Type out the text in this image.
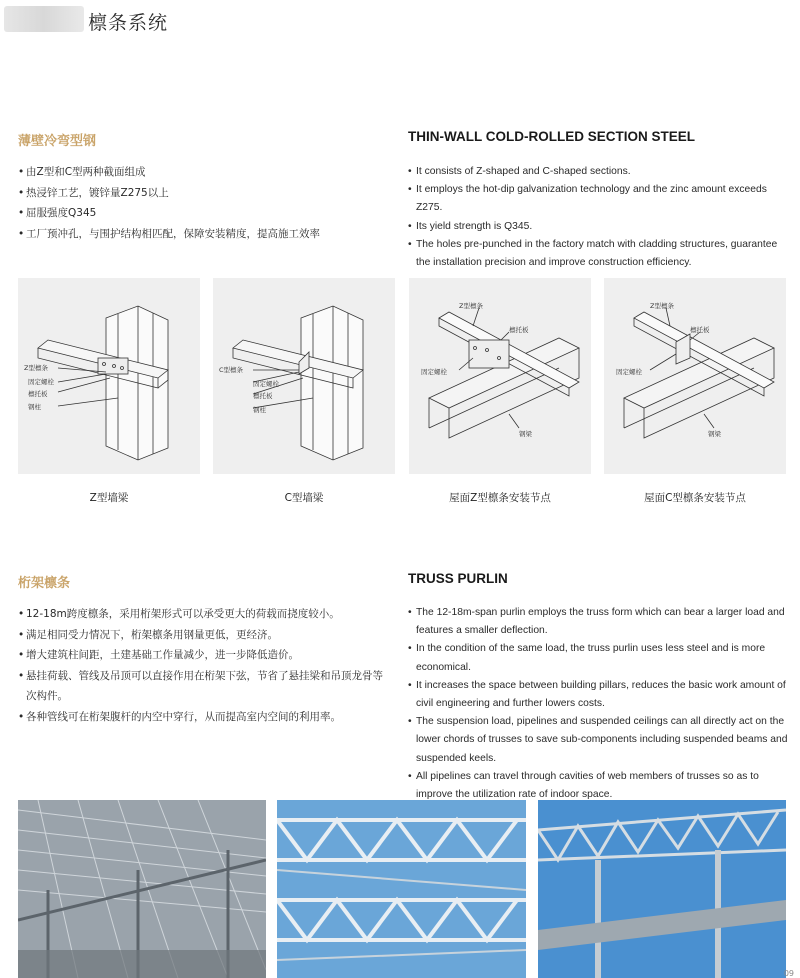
檩条系统
薄壁冷弯型钢	THIN-WALL COLD-ROLLED SECTION STEEL
• 由Z型和C型两种截面组成
• 热浸锌工艺，镀锌量Z275以上
• 屈服强度Q345
• 工厂预冲孔，与围护结构相匹配，保障安装精度，提高施工效率
• It consists of Z-shaped and C-shaped sections.
• It employs the hot-dip galvanization technology and the zinc amount exceeds Z275.
• Its yield strength is Q345.
• The holes pre-punched in the factory match with cladding structures, guarantee the installation precision and improve construction efficiency.
Z型檩条
固定螺栓
檩托板
钢柱
Z型墙梁
C型檩条
固定螺栓
檩托板
钢柱
C型墙梁
Z型檩条
檩托板
固定螺栓
钢梁
屋面Z型檩条安装节点
Z型檩条
檩托板
固定螺栓
钢梁
屋面C型檩条安装节点
桁架檩条	TRUSS PURLIN
• 12-18m跨度檩条，采用桁架形式可以承受更大的荷载而挠度较小。
• 满足相同受力情况下，桁架檩条用钢量更低，更经济。
• 增大建筑柱间距，土建基础工作量减少，进一步降低造价。
• 悬挂荷载、管线及吊顶可以直接作用在桁架下弦，节省了悬挂梁和吊顶龙骨等次构件。
• 各种管线可在桁架腹杆的内空中穿行，从而提高室内空间的利用率。
• The 12-18m-span purlin employs the truss form which can bear a larger load and features a smaller deflection.
• In the condition of the same load, the truss purlin uses less steel and is more economical.
• It increases the space between building pillars, reduces the basic work amount of civil engineering and further lowers costs.
• The suspension load, pipelines and suspended ceilings can all directly act on the lower chords of trusses to save sub-components including suspended beams and suspended keels.
• All pipelines can travel through cavities of web members of trusses so as to improve the utilization rate of indoor space.
09
